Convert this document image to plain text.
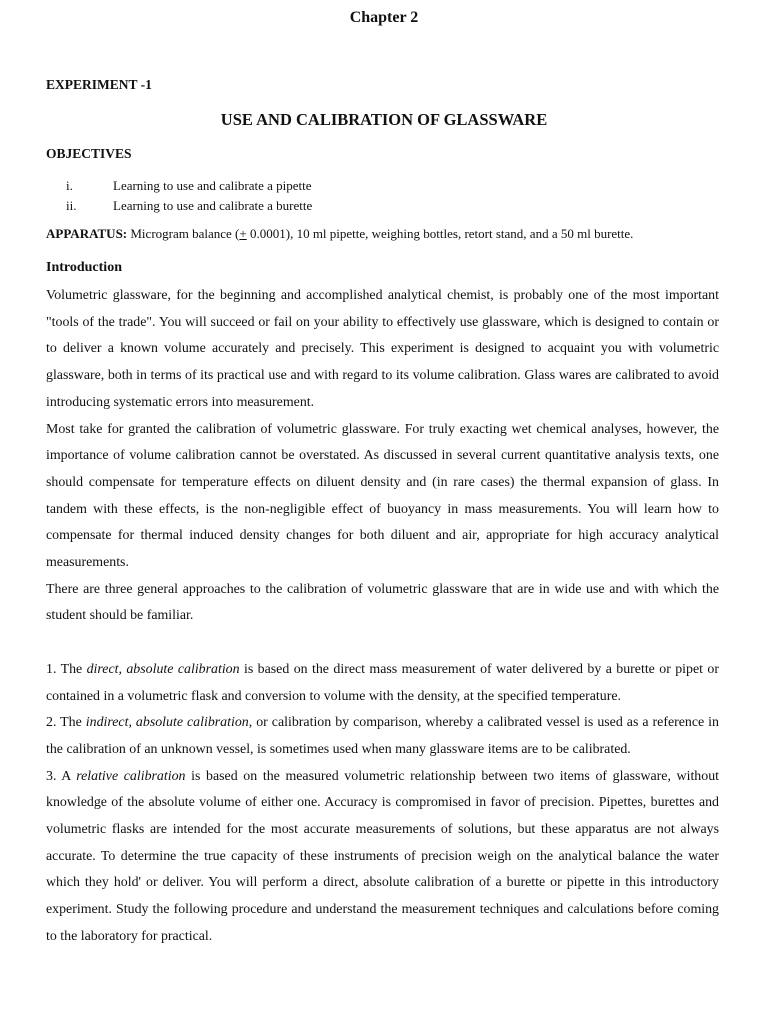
Chapter 2
EXPERIMENT -1
USE AND CALIBRATION OF GLASSWARE
OBJECTIVES
i.	Learning to use and calibrate a pipette
ii.	Learning to use and calibrate a burette
APPARATUS: Microgram balance (+ 0.0001), 10 ml pipette, weighing bottles, retort stand, and a 50 ml burette.
Introduction

Volumetric glassware, for the beginning and accomplished analytical chemist, is probably one of the most important "tools of the trade". You will succeed or fail on your ability to effectively use glassware, which is designed to contain or to deliver a known volume accurately and precisely. This experiment is designed to acquaint you with volumetric glassware, both in terms of its practical use and with regard to its volume calibration. Glass wares are calibrated to avoid introducing systematic errors into measurement.

Most take for granted the calibration of volumetric glassware. For truly exacting wet chemical analyses, however, the importance of volume calibration cannot be overstated. As discussed in several current quantitative analysis texts, one should compensate for temperature effects on diluent density and (in rare cases) the thermal expansion of glass. In tandem with these effects, is the non-negligible effect of buoyancy in mass measurements. You will learn how to compensate for thermal induced density changes for both diluent and air, appropriate for high accuracy analytical measurements.

There are three general approaches to the calibration of volumetric glassware that are in wide use and with which the student should be familiar.

1. The direct, absolute calibration is based on the direct mass measurement of water delivered by a burette or pipet or contained in a volumetric flask and conversion to volume with the density, at the specified temperature.

2. The indirect, absolute calibration, or calibration by comparison, whereby a calibrated vessel is used as a reference in the calibration of an unknown vessel, is sometimes used when many glassware items are to be calibrated.

3. A relative calibration is based on the measured volumetric relationship between two items of glassware, without knowledge of the absolute volume of either one. Accuracy is compromised in favor of precision. Pipettes, burettes and volumetric flasks are intended for the most accurate measurements of solutions, but these apparatus are not always accurate. To determine the true capacity of these instruments of precision weigh on the analytical balance the water which they hold' or deliver. You will perform a direct, absolute calibration of a burette or pipette in this introductory experiment. Study the following procedure and understand the measurement techniques and calculations before coming to the laboratory for practical.
